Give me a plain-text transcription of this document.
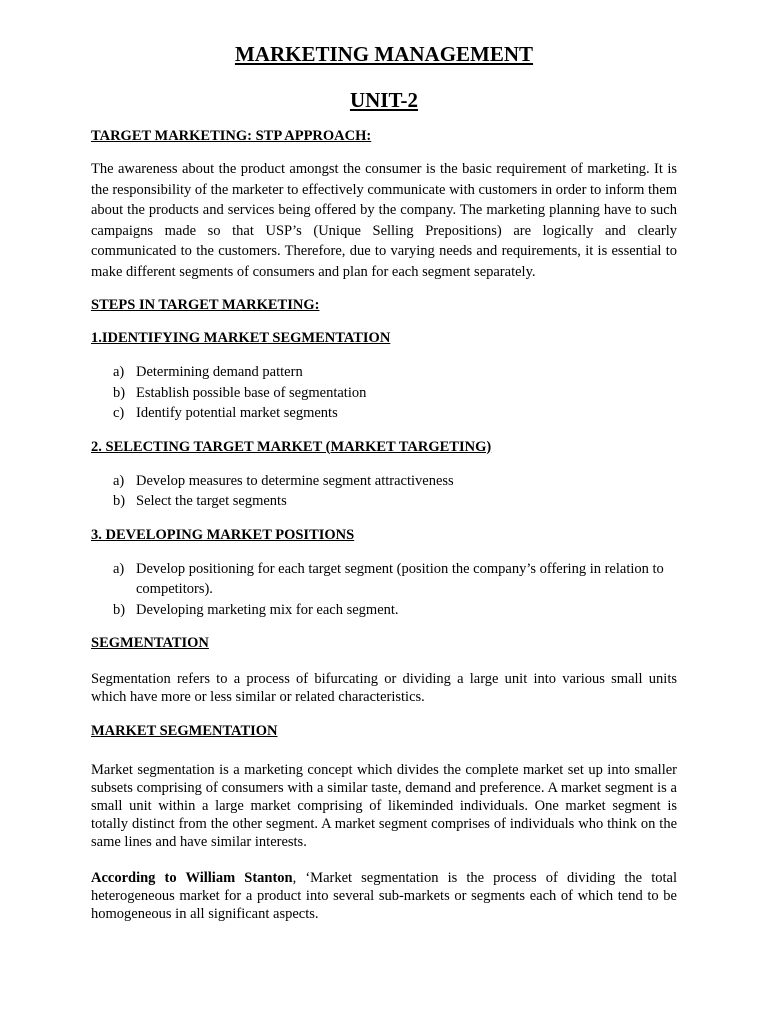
MARKETING MANAGEMENT
UNIT-2
TARGET MARKETING: STP APPROACH:

The awareness about the product amongst the consumer is the basic requirement of marketing. It is the responsibility of the marketer to effectively communicate with customers in order to inform them about the products and services being offered by the company. The marketing planning have to such campaigns made so that USP’s (Unique Selling Prepositions) are logically and clearly communicated to the customers. Therefore, due to varying needs and requirements, it is essential to make different segments of consumers and plan for each segment separately.

STEPS IN TARGET MARKETING:
1.IDENTIFYING MARKET SEGMENTATION
a) Determining demand pattern
b) Establish possible base of segmentation
c) Identify potential market segments
2. SELECTING TARGET MARKET (MARKET TARGETING)
a) Develop measures to determine segment attractiveness
b) Select the target segments
3. DEVELOPING MARKET POSITIONS
a) Develop positioning for each target segment (position the company’s offering in relation to competitors).
b) Developing marketing mix for each segment.
SEGMENTATION

Segmentation refers to a process of bifurcating or dividing a large unit into various small units which have more or less similar or related characteristics.

MARKET SEGMENTATION

Market segmentation is a marketing concept which divides the complete market set up into smaller subsets comprising of consumers with a similar taste, demand and preference. A market segment is a small unit within a large market comprising of likeminded individuals. One market segment is totally distinct from the other segment. A market segment comprises of individuals who think on the same lines and have similar interests.

According to William Stanton, ‘Market segmentation is the process of dividing the total heterogeneous market for a product into several sub-markets or segments each of which tend to be homogeneous in all significant aspects.
